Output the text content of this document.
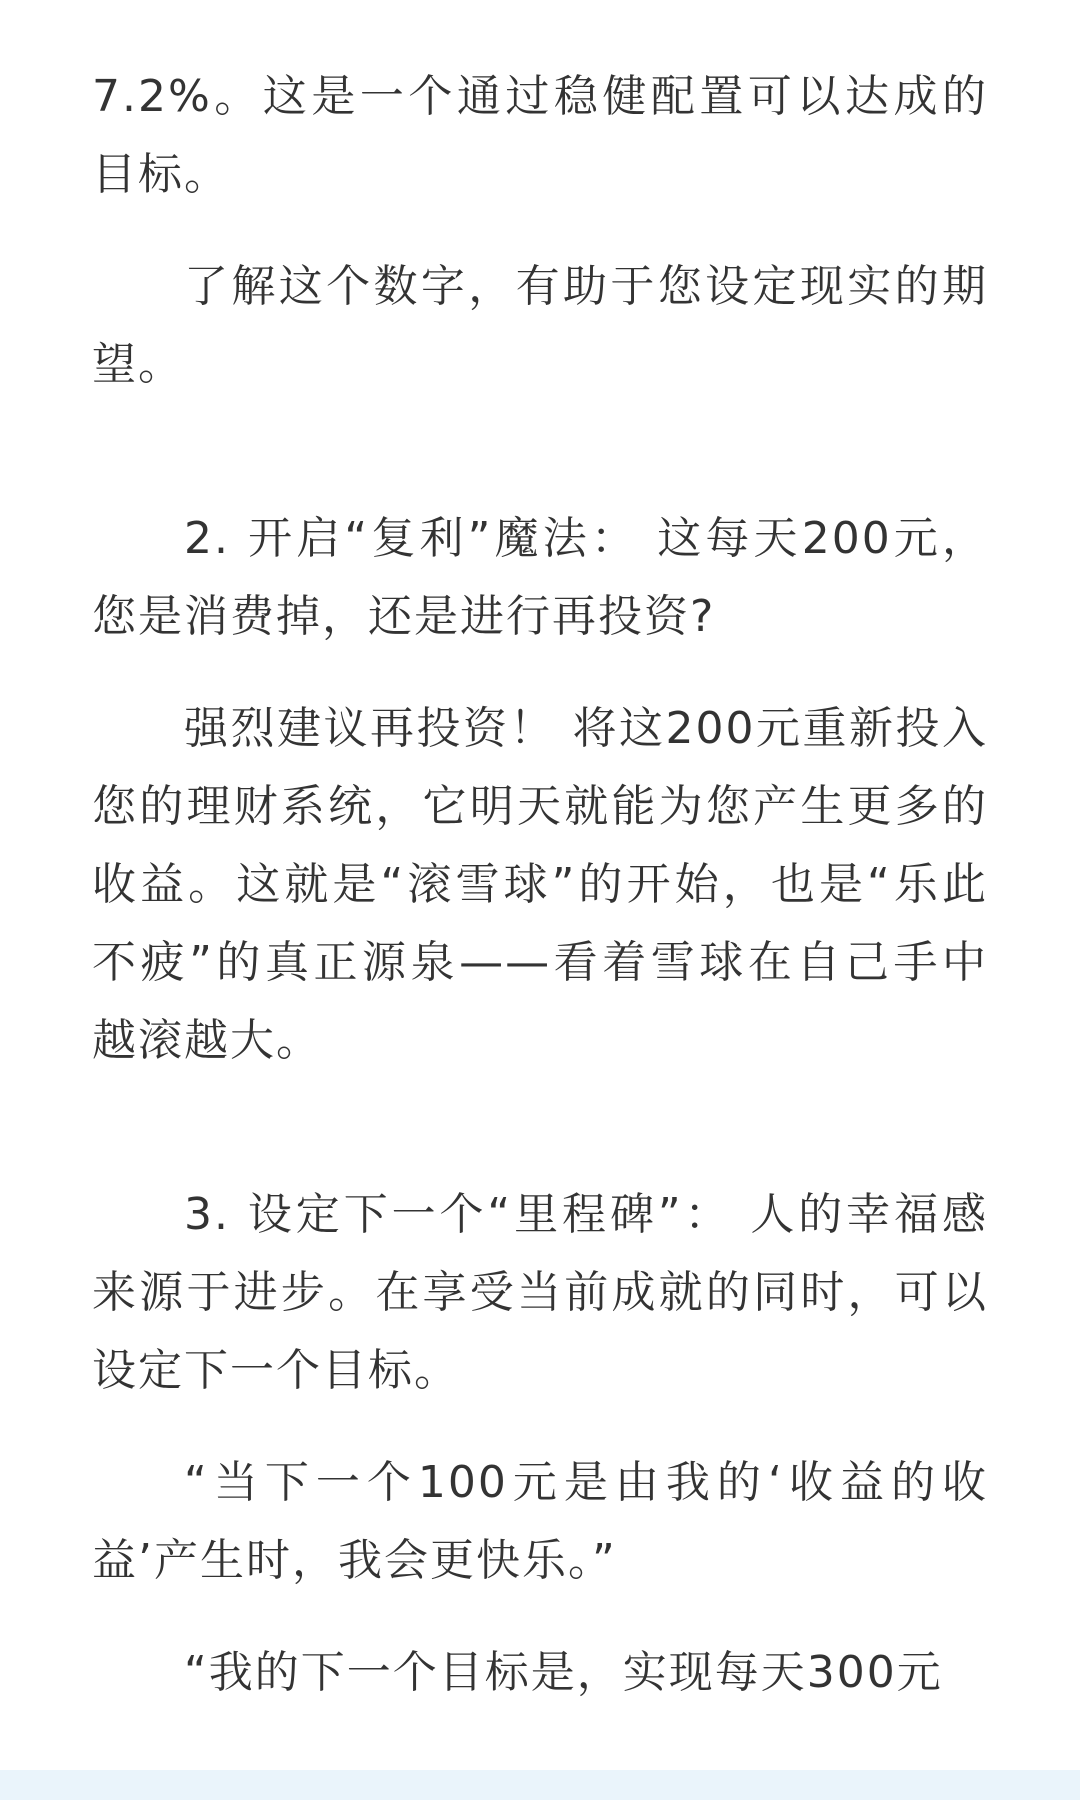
7.2%。这是一个通过稳健配置可以达成的目标。

了解这个数字，有助于您设定现实的期望。

2. 开启“复利”魔法： 这每天200元，您是消费掉，还是进行再投资?

强烈建议再投资！ 将这200元重新投入您的理财系统，它明天就能为您产生更多的收益。这就是“滚雪球”的开始，也是“乐此不疲”的真正源泉——看着雪球在自己手中越滚越大。

3. 设定下一个“里程碑”： 人的幸福感来源于进步。在享受当前成就的同时，可以设定下一个目标。

“当下一个100元是由我的‘收益的收益’产生时，我会更快乐。”

“我的下一个目标是，实现每天300元
